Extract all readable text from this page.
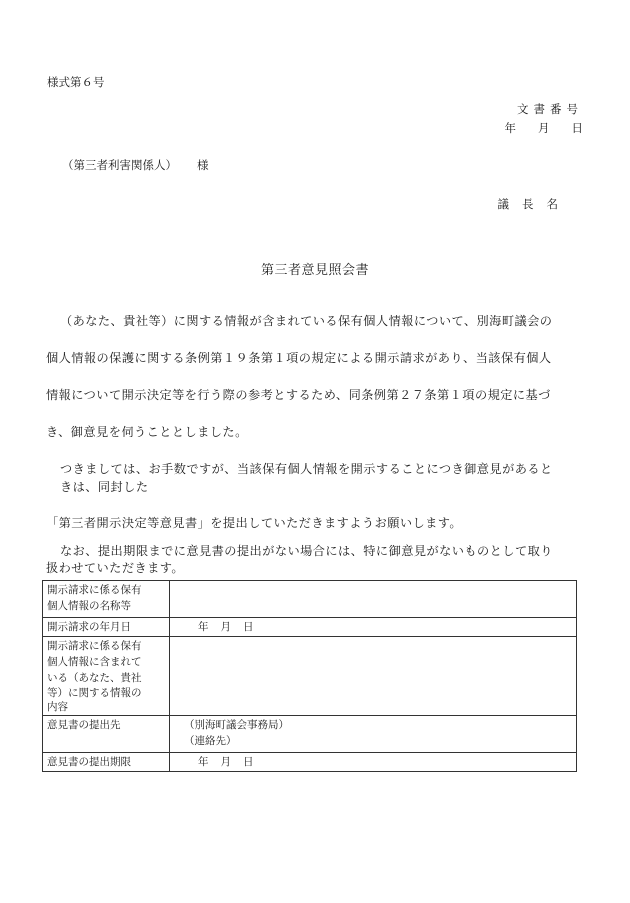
様式第６号
文書番号
年 月 日
（第三者利害関係人） 様
議長名
第三者意見照会書
（あなた、貴社等）に関する情報が含まれている保有個人情報について、別海町議会の
個人情報の保護に関する条例第１９条第１項の規定による開示請求があり、当該保有個人
情報について開示決定等を行う際の参考とするため、同条例第２７条第１項の規定に基づ
き、御意見を伺うこととしました。
つきましては、お手数ですが、当該保有個人情報を開示することにつき御意見があると
きは、同封した
「第三者開示決定等意見書」を提出していただきますようお願いします。
なお、提出期限までに意見書の提出がない場合には、特に御意見がないものとして取り
扱わせていただきます。
開示請求に係る保有
個人情報の名称等	

開示請求の年月日	年 月 日

開示請求に係る保有
個人情報に含まれて
いる（あなた、貴社
等）に関する情報の
内容	

意見書の提出先	（別海町議会事務局）
（連絡先）

意見書の提出期限	年 月 日
